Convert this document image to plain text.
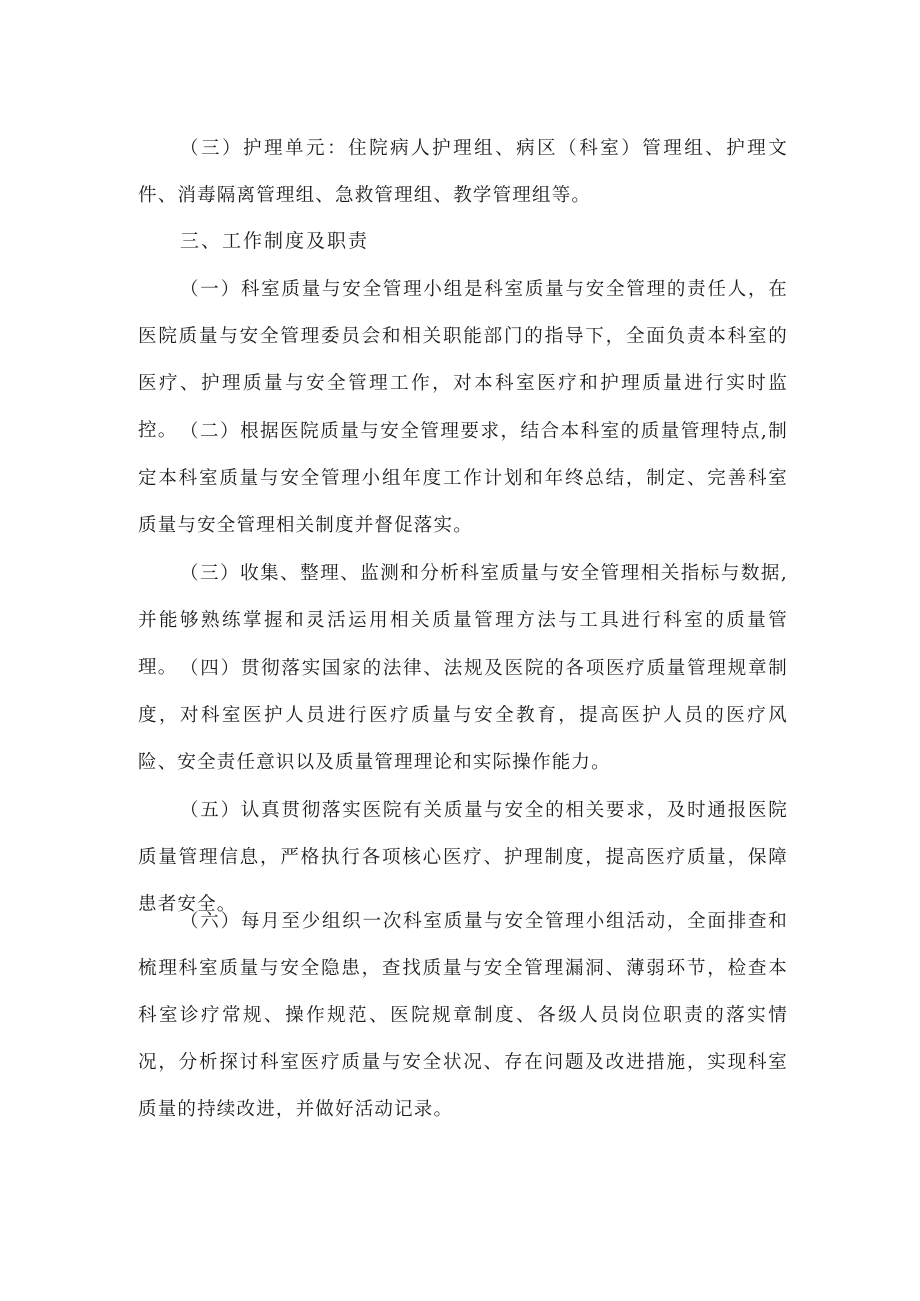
（三）护理单元：住院病人护理组、病区（科室）管理组、护理文件、消毒隔离管理组、急救管理组、教学管理组等。

三、工作制度及职责

（一）科室质量与安全管理小组是科室质量与安全管理的责任人，在医院质量与安全管理委员会和相关职能部门的指导下，全面负责本科室的医疗、护理质量与安全管理工作，对本科室医疗和护理质量进行实时监控。 （二）根据医院质量与安全管理要求，结合本科室的质量管理特点,制定本科室质量与安全管理小组年度工作计划和年终总结，制定、完善科室质量与安全管理相关制度并督促落实。

（三）收集、整理、监测和分析科室质量与安全管理相关指标与数据,并能够熟练掌握和灵活运用相关质量管理方法与工具进行科室的质量管理。 （四）贯彻落实国家的法律、法规及医院的各项医疗质量管理规章制度，对科室医护人员进行医疗质量与安全教育，提高医护人员的医疗风险、安全责任意识以及质量管理理论和实际操作能力。

（五）认真贯彻落实医院有关质量与安全的相关要求，及时通报医院质量管理信息，严格执行各项核心医疗、护理制度，提高医疗质量，保障患者安全。

（六）每月至少组织一次科室质量与安全管理小组活动，全面排查和梳理科室质量与安全隐患，查找质量与安全管理漏洞、薄弱环节，检查本科室诊疗常规、操作规范、医院规章制度、各级人员岗位职责的落实情况，分析探讨科室医疗质量与安全状况、存在问题及改进措施，实现科室质量的持续改进，并做好活动记录。
